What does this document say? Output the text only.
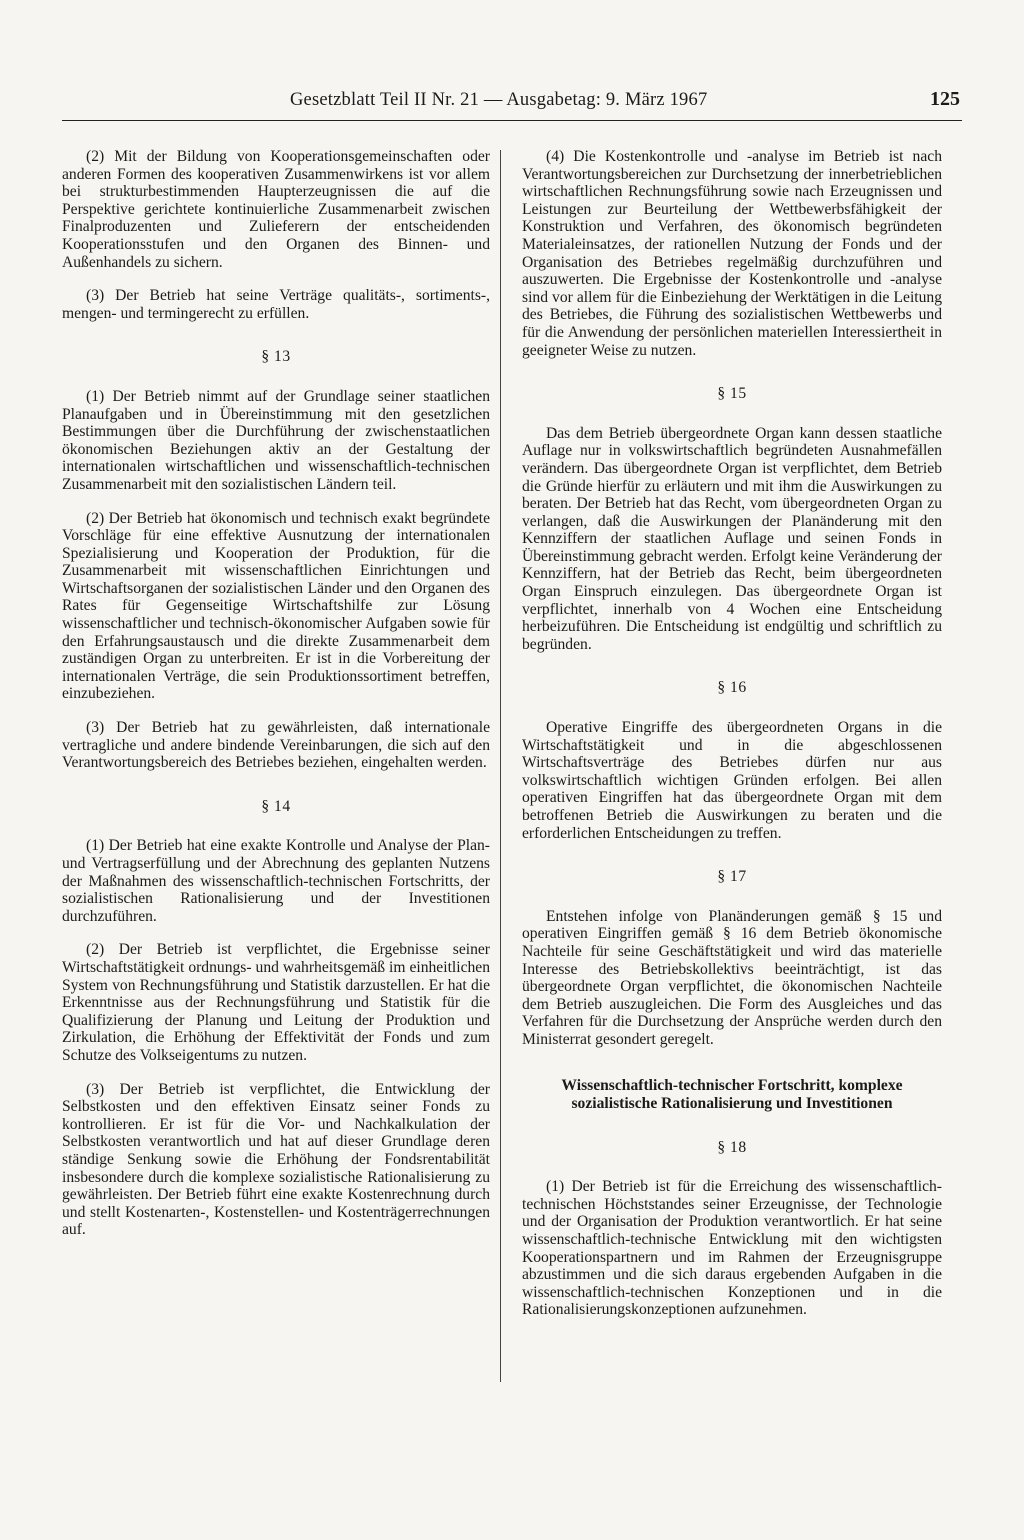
Gesetzblatt Teil II Nr. 21 — Ausgabetag: 9. März 1967	125

(2) Mit der Bildung von Kooperationsgemeinschaften oder anderen Formen des kooperativen Zusammenwirkens ist vor allem bei strukturbestimmenden Haupterzeugnissen die auf die Perspektive gerichtete kontinuierliche Zusammenarbeit zwischen Finalproduzenten und Zulieferern der entscheidenden Kooperationsstufen und den Organen des Binnen- und Außenhandels zu sichern.

(3) Der Betrieb hat seine Verträge qualitäts-, sortiments-, mengen- und termingerecht zu erfüllen.

§ 13

(1) Der Betrieb nimmt auf der Grundlage seiner staatlichen Planaufgaben und in Übereinstimmung mit den gesetzlichen Bestimmungen über die Durchführung der zwischenstaatlichen ökonomischen Beziehungen aktiv an der Gestaltung der internationalen wirtschaftlichen und wissenschaftlich-technischen Zusammenarbeit mit den sozialistischen Ländern teil.

(2) Der Betrieb hat ökonomisch und technisch exakt begründete Vorschläge für eine effektive Ausnutzung der internationalen Spezialisierung und Kooperation der Produktion, für die Zusammenarbeit mit wissenschaftlichen Einrichtungen und Wirtschaftsorganen der sozialistischen Länder und den Organen des Rates für Gegenseitige Wirtschaftshilfe zur Lösung wissenschaftlicher und technisch-ökonomischer Aufgaben sowie für den Erfahrungsaustausch und die direkte Zusammenarbeit dem zuständigen Organ zu unterbreiten. Er ist in die Vorbereitung der internationalen Verträge, die sein Produktionssortiment betreffen, einzubeziehen.

(3) Der Betrieb hat zu gewährleisten, daß internationale vertragliche und andere bindende Vereinbarungen, die sich auf den Verantwortungsbereich des Betriebes beziehen, eingehalten werden.

§ 14

(1) Der Betrieb hat eine exakte Kontrolle und Analyse der Plan- und Vertragserfüllung und der Abrechnung des geplanten Nutzens der Maßnahmen des wissenschaftlich-technischen Fortschritts, der sozialistischen Rationalisierung und der Investitionen durchzuführen.

(2) Der Betrieb ist verpflichtet, die Ergebnisse seiner Wirtschaftstätigkeit ordnungs- und wahrheitsgemäß im einheitlichen System von Rechnungsführung und Statistik darzustellen. Er hat die Erkenntnisse aus der Rechnungsführung und Statistik für die Qualifizierung der Planung und Leitung der Produktion und Zirkulation, die Erhöhung der Effektivität der Fonds und zum Schutze des Volkseigentums zu nutzen.

(3) Der Betrieb ist verpflichtet, die Entwicklung der Selbstkosten und den effektiven Einsatz seiner Fonds zu kontrollieren. Er ist für die Vor- und Nachkalkulation der Selbstkosten verantwortlich und hat auf dieser Grundlage deren ständige Senkung sowie die Erhöhung der Fondsrentabilität insbesondere durch die komplexe sozialistische Rationalisierung zu gewährleisten. Der Betrieb führt eine exakte Kostenrechnung durch und stellt Kostenarten-, Kostenstellen- und Kostenträgerrechnungen auf.

(4) Die Kostenkontrolle und -analyse im Betrieb ist nach Verantwortungsbereichen zur Durchsetzung der innerbetrieblichen wirtschaftlichen Rechnungsführung sowie nach Erzeugnissen und Leistungen zur Beurteilung der Wettbewerbsfähigkeit der Konstruktion und Verfahren, des ökonomisch begründeten Materialeinsatzes, der rationellen Nutzung der Fonds und der Organisation des Betriebes regelmäßig durchzuführen und auszuwerten. Die Ergebnisse der Kostenkontrolle und -analyse sind vor allem für die Einbeziehung der Werktätigen in die Leitung des Betriebes, die Führung des sozialistischen Wettbewerbs und für die Anwendung der persönlichen materiellen Interessiertheit in geeigneter Weise zu nutzen.

§ 15

Das dem Betrieb übergeordnete Organ kann dessen staatliche Auflage nur in volkswirtschaftlich begründeten Ausnahmefällen verändern. Das übergeordnete Organ ist verpflichtet, dem Betrieb die Gründe hierfür zu erläutern und mit ihm die Auswirkungen zu beraten. Der Betrieb hat das Recht, vom übergeordneten Organ zu verlangen, daß die Auswirkungen der Planänderung mit den Kennziffern der staatlichen Auflage und seinen Fonds in Übereinstimmung gebracht werden. Erfolgt keine Veränderung der Kennziffern, hat der Betrieb das Recht, beim übergeordneten Organ Einspruch einzulegen. Das übergeordnete Organ ist verpflichtet, innerhalb von 4 Wochen eine Entscheidung herbeizuführen. Die Entscheidung ist endgültig und schriftlich zu begründen.

§ 16

Operative Eingriffe des übergeordneten Organs in die Wirtschaftstätigkeit und in die abgeschlossenen Wirtschaftsverträge des Betriebes dürfen nur aus volkswirtschaftlich wichtigen Gründen erfolgen. Bei allen operativen Eingriffen hat das übergeordnete Organ mit dem betroffenen Betrieb die Auswirkungen zu beraten und die erforderlichen Entscheidungen zu treffen.

§ 17

Entstehen infolge von Planänderungen gemäß § 15 und operativen Eingriffen gemäß § 16 dem Betrieb ökonomische Nachteile für seine Geschäftstätigkeit und wird das materielle Interesse des Betriebskollektivs beeinträchtigt, ist das übergeordnete Organ verpflichtet, die ökonomischen Nachteile dem Betrieb auszugleichen. Die Form des Ausgleiches und das Verfahren für die Durchsetzung der Ansprüche werden durch den Ministerrat gesondert geregelt.

Wissenschaftlich-technischer Fortschritt, komplexe
sozialistische Rationalisierung und Investitionen
§ 18

(1) Der Betrieb ist für die Erreichung des wissenschaftlich-technischen Höchststandes seiner Erzeugnisse, der Technologie und der Organisation der Produktion verantwortlich. Er hat seine wissenschaftlich-technische Entwicklung mit den wichtigsten Kooperationspartnern und im Rahmen der Erzeugnisgruppe abzustimmen und die sich daraus ergebenden Aufgaben in die wissenschaftlich-technischen Konzeptionen und in die Rationalisierungskonzeptionen aufzunehmen.
